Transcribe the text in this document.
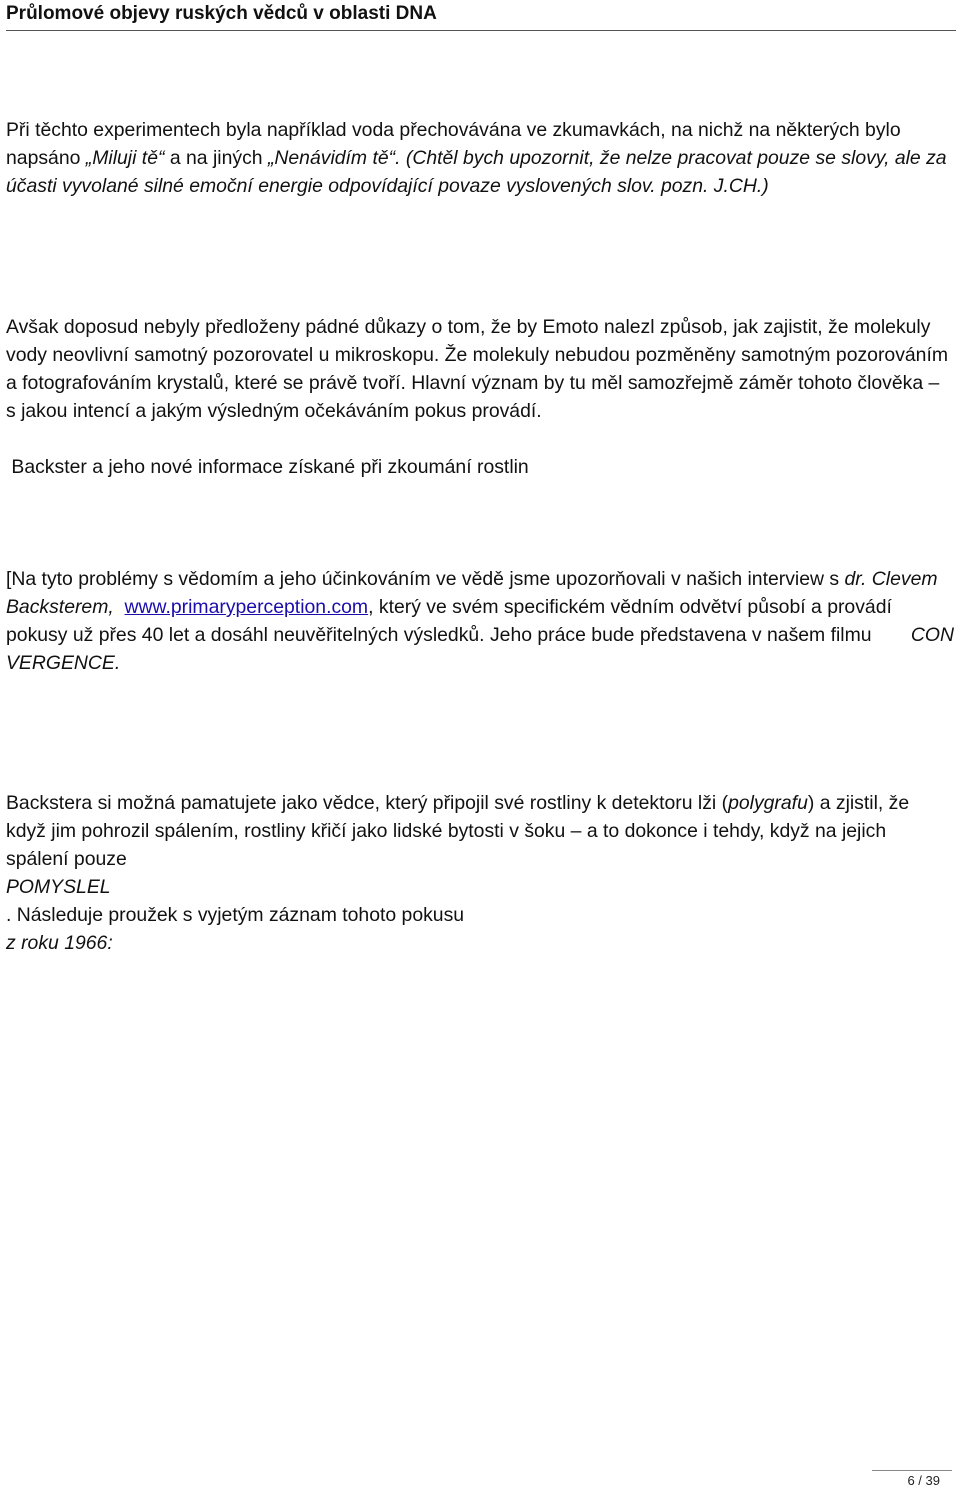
Průlomové objevy ruských vědců v oblasti DNA

Při těchto experimentech byla například voda přechovávána ve zkumavkách, na nichž na některých bylo napsáno „Miluji tě“ a na jiných „Nenávidím tě“. (Chtěl bych upozornit, že nelze pracovat pouze se slovy, ale za účasti vyvolané silné emoční energie odpovídající povaze vyslovených slov. pozn. J.CH.)

Avšak doposud nebyly předloženy pádné důkazy o tom, že by Emoto nalezl způsob, jak zajistit, že molekuly vody neovlivní samotný pozorovatel u mikroskopu. Že molekuly nebudou pozměněny samotným pozorováním a fotografováním krystalů, které se právě tvoří. Hlavní význam by tu měl samozřejmě záměr tohoto člověka – s jakou intencí a jakým výsledným očekáváním pokus provádí.

Backster a jeho nové informace získané při zkoumání rostlin

[Na tyto problémy s vědomím a jeho účinkováním ve vědě jsme upozorňovali v našich interview s dr. Clevem Backsterem, www.primaryperception.com, který ve svém specifickém vědním odvětví působí a provádí pokusy už přes 40 let a dosáhl neuvěřitelných výsledků. Jeho práce bude představena v našem filmu CON

VERGENCE.

Backstera si možná pamatujete jako vědce, který připojil své rostliny k detektoru lži (polygrafu) a zjistil, že když jim pohrozil spálením, rostliny křičí jako lidské bytosti v šoku – a to dokonce i tehdy, když na jejich spálení pouze
POMYSLEL
. Následuje proužek s vyjetým záznam tohoto pokusu
z roku 1966:

6 / 39
